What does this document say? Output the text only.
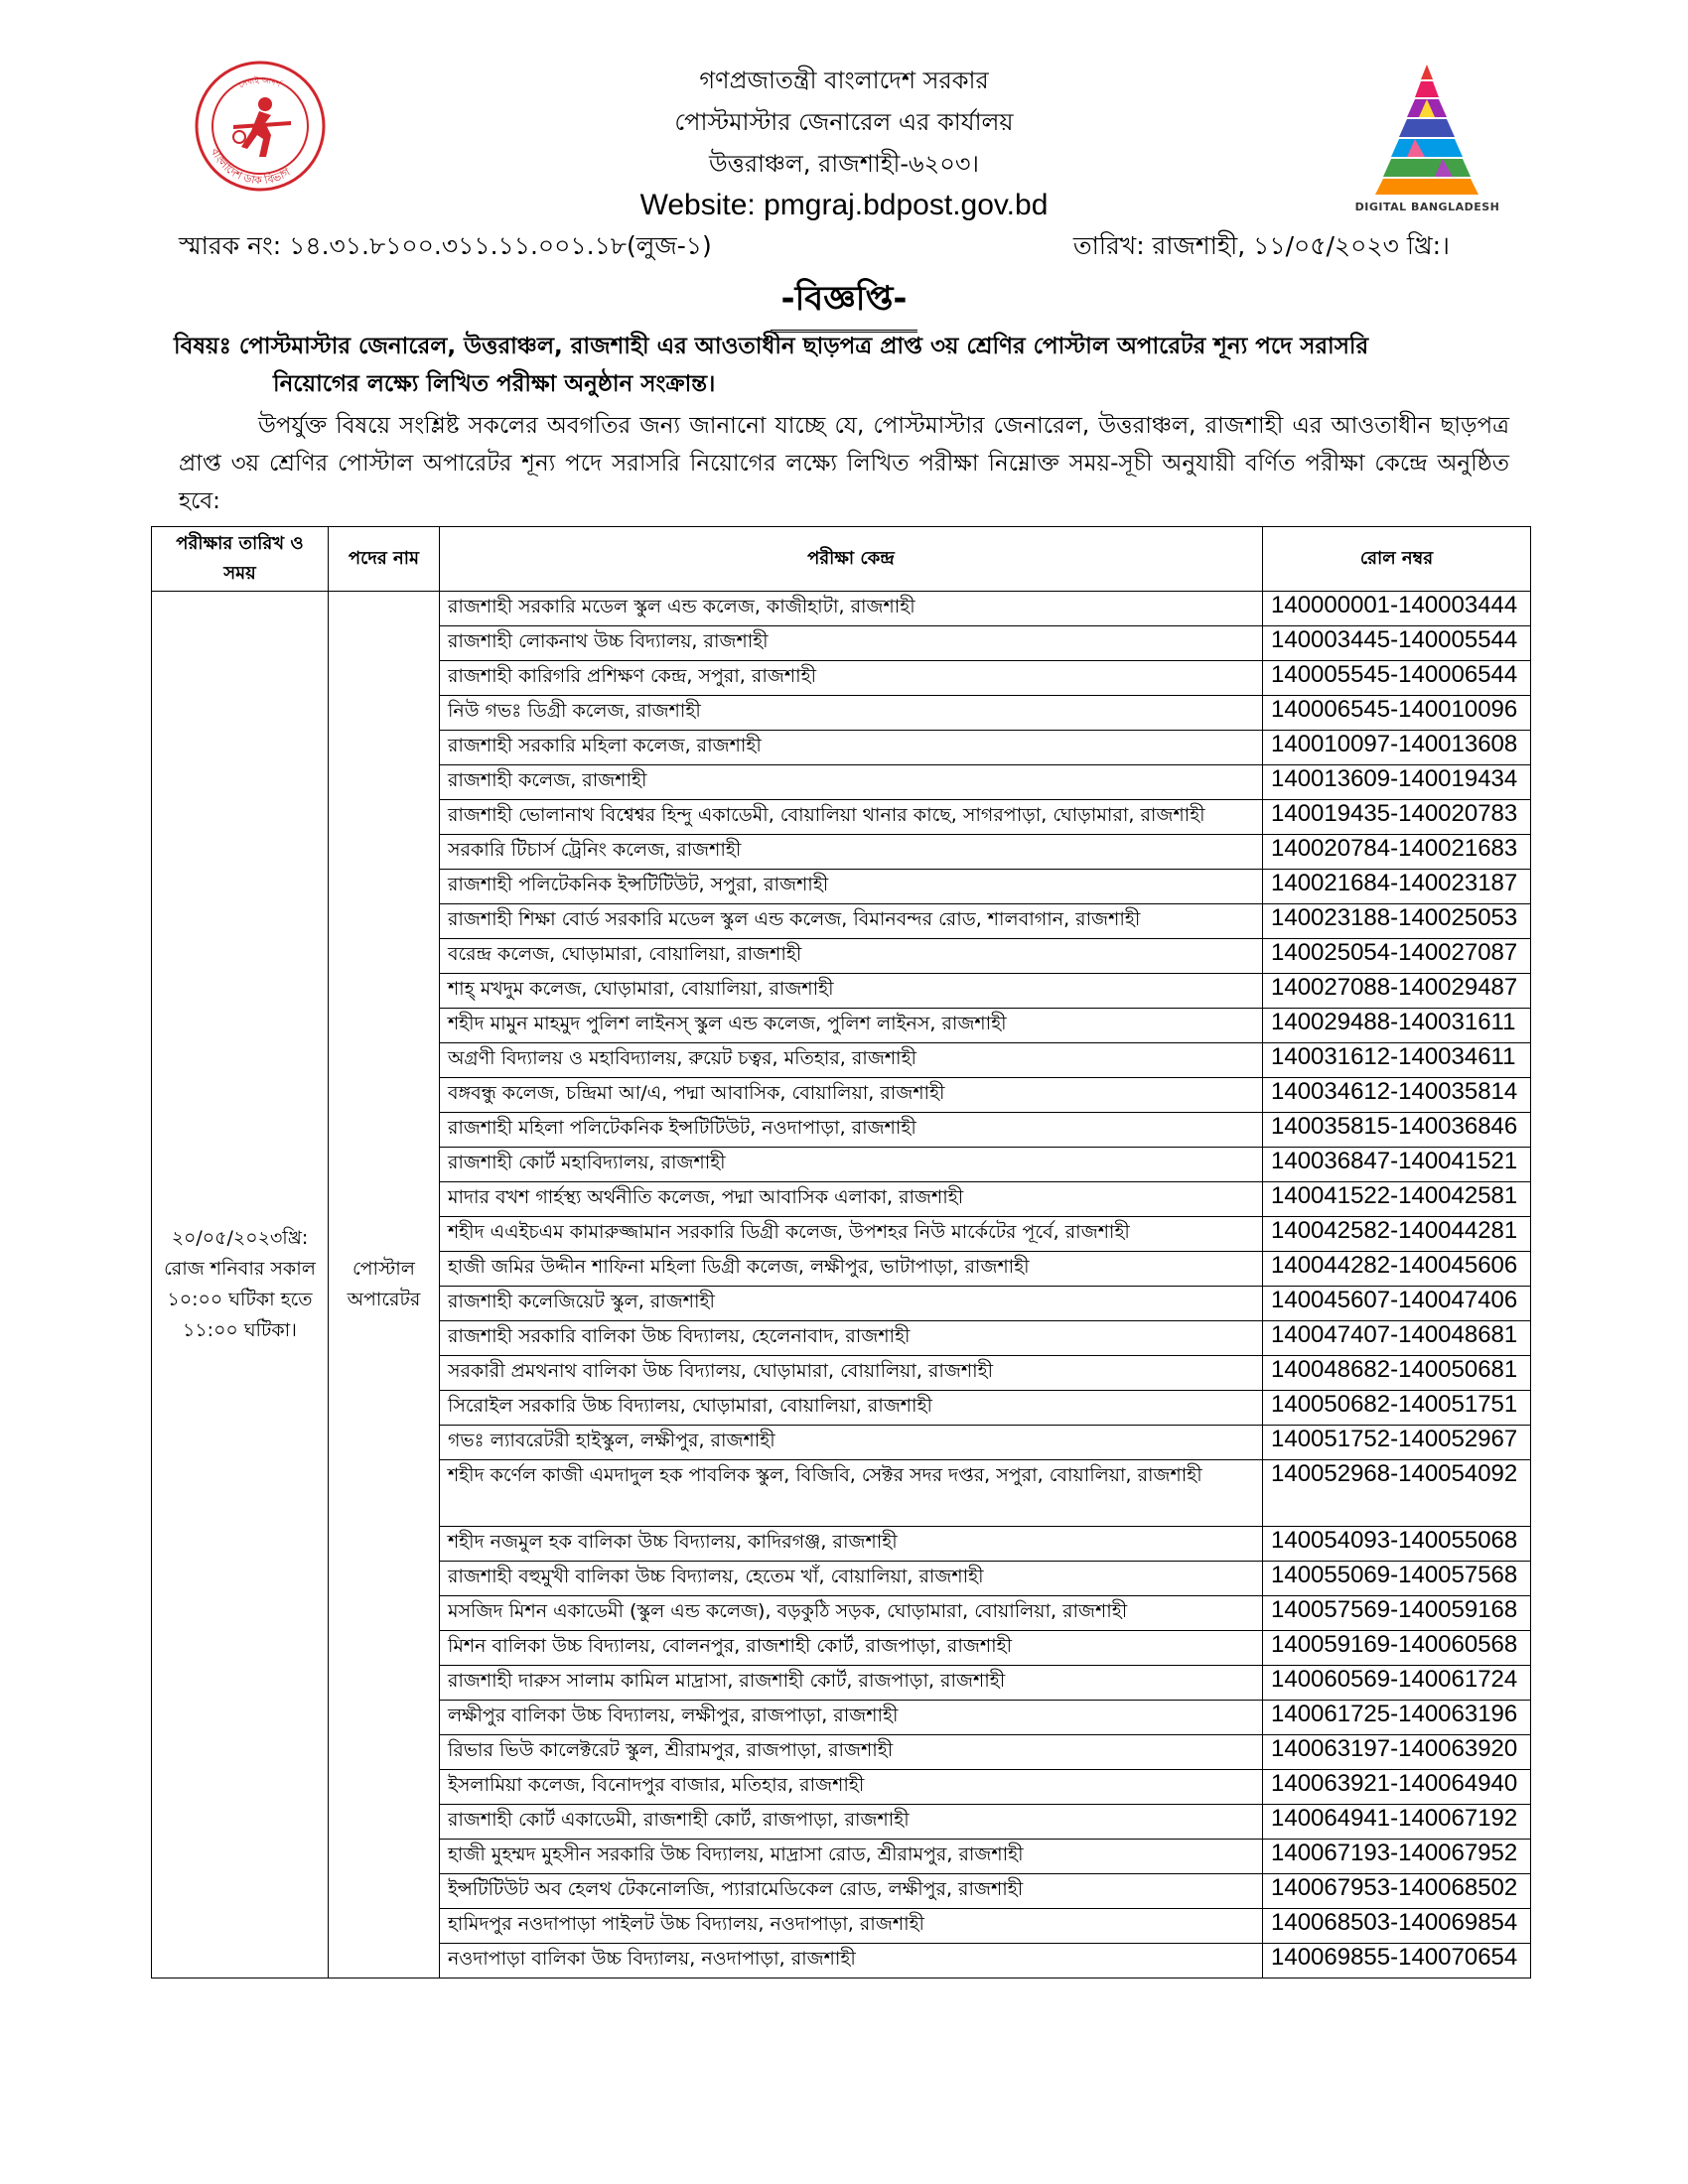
বাংলাদেশ ডাক বিভাগ
সেবাই আদর্শ
DIGITAL BANGLADESH
গণপ্রজাতন্ত্রী বাংলাদেশ সরকার
পোস্টমাস্টার জেনারেল এর কার্যালয়
উত্তরাঞ্চল, রাজশাহী-৬২০৩।
Website: pmgraj.bdpost.gov.bd
স্মারক নং: ১৪.৩১.৮১০০.৩১১.১১.০০১.১৮(লুজ-১)	তারিখ: রাজশাহী, ১১/০৫/২০২৩ খ্রি:।
-বিজ্ঞপ্তি-
বিষয়ঃ পোস্টমাস্টার জেনারেল, উত্তরাঞ্চল, রাজশাহী এর আওতাধীন ছাড়পত্র প্রাপ্ত ৩য় শ্রেণির পোস্টাল অপারেটর শূন্য পদে সরাসরি
নিয়োগের লক্ষ্যে লিখিত পরীক্ষা অনুষ্ঠান সংক্রান্ত।
উপর্যুক্ত বিষয়ে সংশ্লিষ্ট সকলের অবগতির জন্য জানানো যাচ্ছে যে, পোস্টমাস্টার জেনারেল, উত্তরাঞ্চল, রাজশাহী এর আওতাধীন ছাড়পত্র প্রাপ্ত ৩য় শ্রেণির পোস্টাল অপারেটর শূন্য পদে সরাসরি নিয়োগের লক্ষ্যে লিখিত পরীক্ষা নিম্নোক্ত সময়-সূচী অনুযায়ী বর্ণিত পরীক্ষা কেন্দ্রে অনুষ্ঠিত হবে:
পরীক্ষার তারিখ ও সময়	পদের নাম	পরীক্ষা কেন্দ্র	রোল নম্বর
২০/০৫/২০২৩খ্রি: রোজ শনিবার সকাল ১০:০০ ঘটিকা হতে ১১:০০ ঘটিকা।	পোস্টাল অপারেটর	রাজশাহী সরকারি মডেল স্কুল এন্ড কলেজ, কাজীহাটা, রাজশাহী	140000001-140003444
		রাজশাহী লোকনাথ উচ্চ বিদ্যালয়, রাজশাহী	140003445-140005544
		রাজশাহী কারিগরি প্রশিক্ষণ কেন্দ্র, সপুরা, রাজশাহী	140005545-140006544
		নিউ গভঃ ডিগ্রী কলেজ, রাজশাহী	140006545-140010096
		রাজশাহী সরকারি মহিলা কলেজ, রাজশাহী	140010097-140013608
		রাজশাহী কলেজ, রাজশাহী	140013609-140019434
		রাজশাহী ভোলানাথ বিশ্বেশ্বর হিন্দু একাডেমী, বোয়ালিয়া থানার কাছে, সাগরপাড়া, ঘোড়ামারা, রাজশাহী	140019435-140020783
		সরকারি টিচার্স ট্রেনিং কলেজ, রাজশাহী	140020784-140021683
		রাজশাহী পলিটেকনিক ইন্সটিটিউট, সপুরা, রাজশাহী	140021684-140023187
		রাজশাহী শিক্ষা বোর্ড সরকারি মডেল স্কুল এন্ড কলেজ, বিমানবন্দর রোড, শালবাগান, রাজশাহী	140023188-140025053
		বরেন্দ্র কলেজ, ঘোড়ামারা, বোয়ালিয়া, রাজশাহী	140025054-140027087
		শাহ্ মখদুম কলেজ, ঘোড়ামারা, বোয়ালিয়া, রাজশাহী	140027088-140029487
		শহীদ মামুন মাহমুদ পুলিশ লাইনস্ স্কুল এন্ড কলেজ, পুলিশ লাইনস, রাজশাহী	140029488-140031611
		অগ্রণী বিদ্যালয় ও মহাবিদ্যালয়, রুয়েট চত্বর, মতিহার, রাজশাহী	140031612-140034611
		বঙ্গবন্ধু কলেজ, চন্দ্রিমা আ/এ, পদ্মা আবাসিক, বোয়ালিয়া, রাজশাহী	140034612-140035814
		রাজশাহী মহিলা পলিটেকনিক ইন্সটিটিউট, নওদাপাড়া, রাজশাহী	140035815-140036846
		রাজশাহী কোর্ট মহাবিদ্যালয়, রাজশাহী	140036847-140041521
		মাদার বখশ গার্হস্থ্য অর্থনীতি কলেজ, পদ্মা আবাসিক এলাকা, রাজশাহী	140041522-140042581
		শহীদ এএইচএম কামারুজ্জামান সরকারি ডিগ্রী কলেজ, উপশহর নিউ মার্কেটের পূর্বে, রাজশাহী	140042582-140044281
		হাজী জমির উদ্দীন শাফিনা মহিলা ডিগ্রী কলেজ, লক্ষীপুর, ভাটাপাড়া, রাজশাহী	140044282-140045606
		রাজশাহী কলেজিয়েট স্কুল, রাজশাহী	140045607-140047406
		রাজশাহী সরকারি বালিকা উচ্চ বিদ্যালয়, হেলেনাবাদ, রাজশাহী	140047407-140048681
		সরকারী প্রমথনাথ বালিকা উচ্চ বিদ্যালয়, ঘোড়ামারা, বোয়ালিয়া, রাজশাহী	140048682-140050681
		সিরোইল সরকারি উচ্চ বিদ্যালয়, ঘোড়ামারা, বোয়ালিয়া, রাজশাহী	140050682-140051751
		গভঃ ল্যাবরেটরী হাইস্কুল, লক্ষীপুর, রাজশাহী	140051752-140052967
		শহীদ কর্ণেল কাজী এমদাদুল হক পাবলিক স্কুল, বিজিবি, সেক্টর সদর দপ্তর, সপুরা, বোয়ালিয়া, রাজশাহী	140052968-140054092
		শহীদ নজমুল হক বালিকা উচ্চ বিদ্যালয়, কাদিরগঞ্জ, রাজশাহী	140054093-140055068
		রাজশাহী বহুমুখী বালিকা উচ্চ বিদ্যালয়, হেতেম খাঁ, বোয়ালিয়া, রাজশাহী	140055069-140057568
		মসজিদ মিশন একাডেমী (স্কুল এন্ড কলেজ), বড়কুঠি সড়ক, ঘোড়ামারা, বোয়ালিয়া, রাজশাহী	140057569-140059168
		মিশন বালিকা উচ্চ বিদ্যালয়, বোলনপুর, রাজশাহী কোর্ট, রাজপাড়া, রাজশাহী	140059169-140060568
		রাজশাহী দারুস সালাম কামিল মাদ্রাসা, রাজশাহী কোর্ট, রাজপাড়া, রাজশাহী	140060569-140061724
		লক্ষীপুর বালিকা উচ্চ বিদ্যালয়, লক্ষীপুর, রাজপাড়া, রাজশাহী	140061725-140063196
		রিভার ভিউ কালেক্টরেট স্কুল, শ্রীরামপুর, রাজপাড়া, রাজশাহী	140063197-140063920
		ইসলামিয়া কলেজ, বিনোদপুর বাজার, মতিহার, রাজশাহী	140063921-140064940
		রাজশাহী কোর্ট একাডেমী, রাজশাহী কোর্ট, রাজপাড়া, রাজশাহী	140064941-140067192
		হাজী মুহম্মদ মুহসীন সরকারি উচ্চ বিদ্যালয়, মাদ্রাসা রোড, শ্রীরামপুর, রাজশাহী	140067193-140067952
		ইন্সটিটিউট অব হেলথ টেকনোলজি, প্যারামেডিকেল রোড, লক্ষীপুর, রাজশাহী	140067953-140068502
		হামিদপুর নওদাপাড়া পাইলট উচ্চ বিদ্যালয়, নওদাপাড়া, রাজশাহী	140068503-140069854
		নওদাপাড়া বালিকা উচ্চ বিদ্যালয়, নওদাপাড়া, রাজশাহী	140069855-140070654
